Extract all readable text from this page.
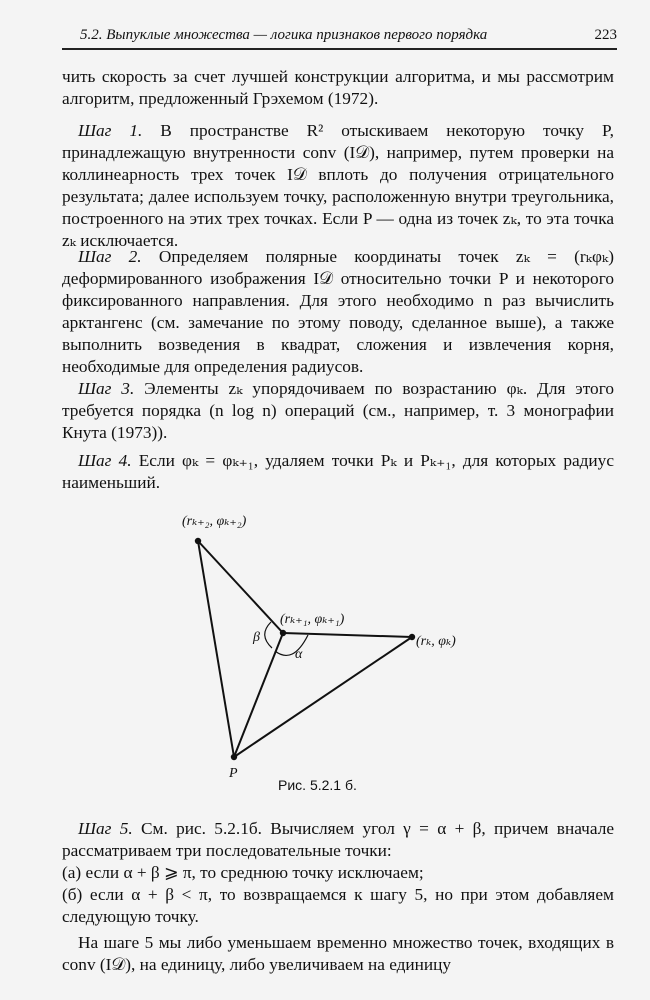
5.2. Выпуклые множества — логика признаков первого порядка	223

чить скорость за счет лучшей конструкции алгоритма, и мы рассмотрим алгоритм, предложенный Грэхемом (1972).

Шаг 1. В пространстве R² отыскиваем некоторую точку P, принадлежащую внутренности conv (I𝒟), например, путем проверки на коллинеарность трех точек I𝒟 вплоть до получения отрицательного результата; далее используем точку, расположенную внутри треугольника, построенного на этих трех точках. Если P — одна из точек zₖ, то эта точка zₖ исключается.

Шаг 2. Определяем полярные координаты точек zₖ = (rₖφₖ) деформированного изображения I𝒟 относительно точки P и некоторого фиксированного направления. Для этого необходимо n раз вычислить арктангенс (см. замечание по этому поводу, сделанное выше), а также выполнить возведения в квадрат, сложения и извлечения корня, необходимые для определения радиусов.

Шаг 3. Элементы zₖ упорядочиваем по возрастанию φₖ. Для этого требуется порядка (n log n) операций (см., например, т. 3 монографии Кнута (1973)).

Шаг 4. Если φₖ = φₖ₊₁, удаляем точки Pₖ и Pₖ₊₁, для которых радиус наименьший.

(rₖ₊₂, φₖ₊₂)
(rₖ₊₁, φₖ₊₁)
(rₖ, φₖ)
P
β
α
Рис. 5.2.1 б.

Шаг 5. См. рис. 5.2.1б. Вычисляем угол γ = α + β, причем вначале рассматриваем три последовательные точки:
(а) если α + β ⩾ π, то среднюю точку исключаем;
(б) если α + β < π, то возвращаемся к шагу 5, но при этом добавляем следующую точку.

На шаге 5 мы либо уменьшаем временно множество точек, входящих в conv (I𝒟), на единицу, либо увеличиваем на единицу
